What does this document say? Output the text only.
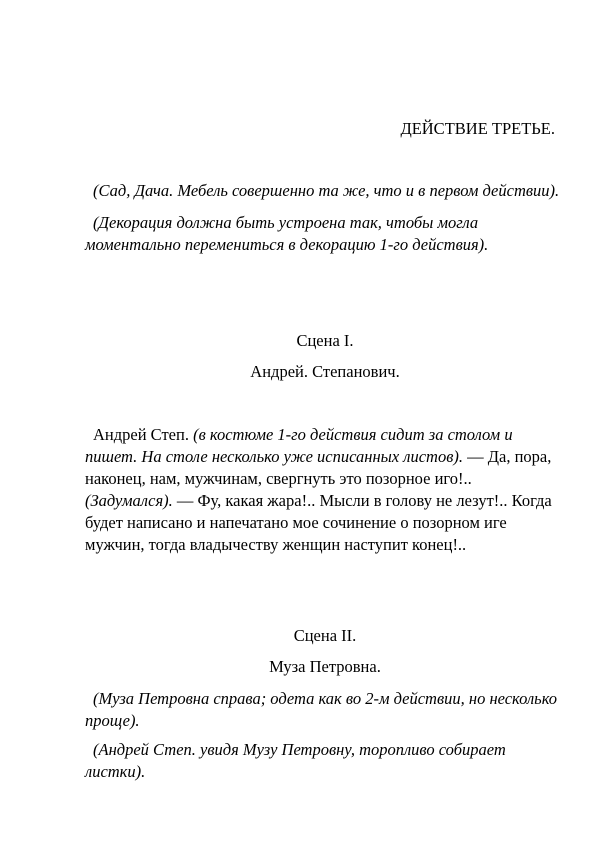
ДЕЙСТВИЕ ТРЕТЬЕ.

(Сад, Дача. Мебель совершенно та же, что и в первом действии).

(Декорация должна быть устроена так, чтобы могла моментально перемениться в декорацию 1-го действия).

Сцена I.

Андрей. Степанович.

Андрей Степ. (в костюме 1-го действия сидит за столом и пишет. На столе несколько уже исписанных листов). — Да, пора, наконец, нам, мужчинам, свергнуть это позорное иго!.. (Задумался). — Фу, какая жара!.. Мысли в голову не лезут!.. Когда будет написано и напечатано мое сочинение о позорном иге мужчин, тогда владычеству женщин наступит конец!..

Сцена II.

Муза Петровна.

(Муза Петровна справа; одета как во 2-м действии, но несколько проще).

(Андрей Степ. увидя Музу Петровну, торопливо собирает листки).
